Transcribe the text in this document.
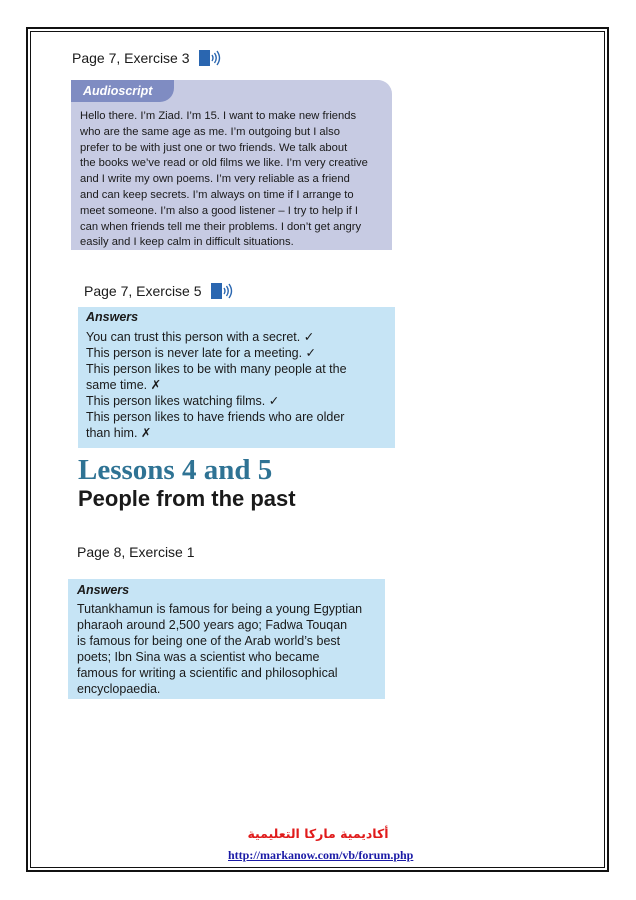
Page 7, Exercise 3
Audioscript
Hello there. I’m Ziad. I’m 15. I want to make new friends
who are the same age as me. I’m outgoing but I also
prefer to be with just one or two friends. We talk about
the books we’ve read or old films we like. I’m very creative
and I write my own poems. I’m very reliable as a friend
and can keep secrets. I’m always on time if I arrange to
meet someone. I’m also a good listener – I try to help if I
can when friends tell me their problems. I don’t get angry
easily and I keep calm in difficult situations.
Page 7, Exercise 5
Answers
You can trust this person with a secret. ✓
This person is never late for a meeting. ✓
This person likes to be with many people at the
same time. ✗
This person likes watching films. ✓
This person likes to have friends who are older
than him. ✗
Lessons 4 and 5
People from the past
Page 8, Exercise 1
Answers
Tutankhamun is famous for being a young Egyptian
pharaoh around 2,500 years ago; Fadwa Touqan
is famous for being one of the Arab world’s best
poets; Ibn Sina was a scientist who became
famous for writing a scientific and philosophical
encyclopaedia.
أكاديمية ماركا التعليمية
http://markanow.com/vb/forum.php
